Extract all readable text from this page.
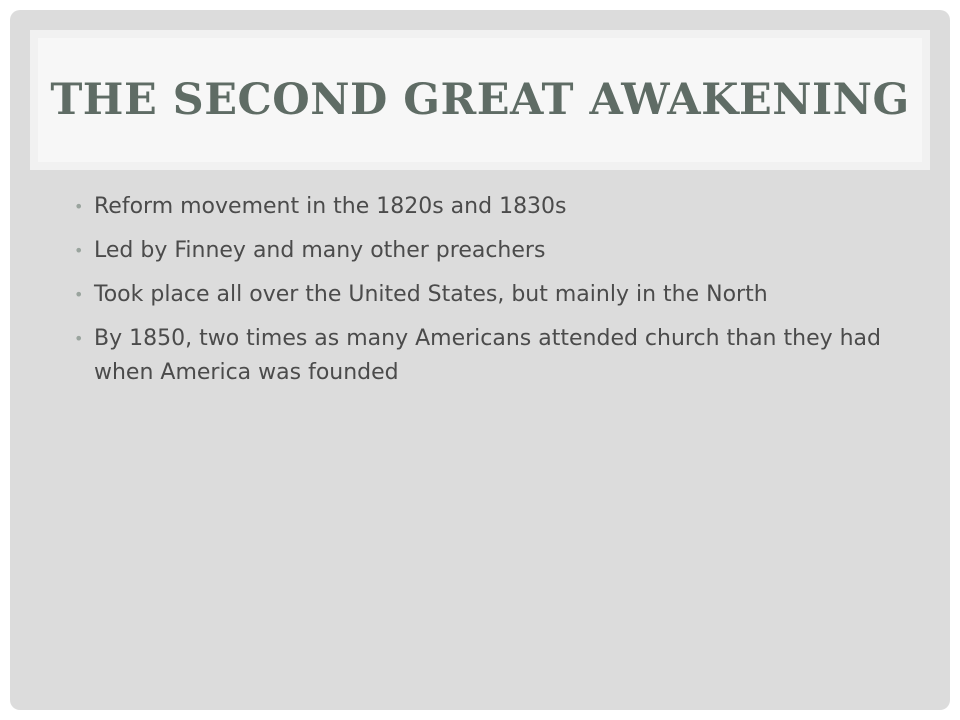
THE SECOND GREAT AWAKENING
• Reform movement in the 1820s and 1830s
• Led by Finney and many other preachers
• Took place all over the United States, but mainly in the North
• By 1850, two times as many Americans attended church than they had when America was founded
